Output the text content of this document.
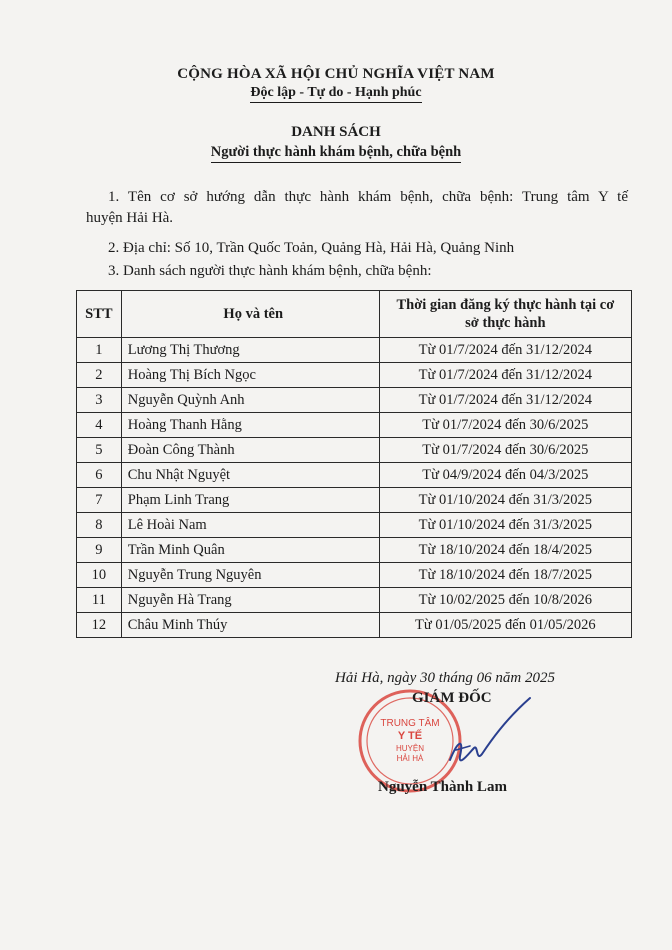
CỘNG HÒA XÃ HỘI CHỦ NGHĨA VIỆT NAM
Độc lập - Tự do - Hạnh phúc
DANH SÁCH
Người thực hành khám bệnh, chữa bệnh
1. Tên cơ sở hướng dẫn thực hành khám bệnh, chữa bệnh: Trung tâm Y tế
huyện Hải Hà.
2. Địa chỉ: Số 10, Trần Quốc Toản, Quảng Hà, Hải Hà, Quảng Ninh
3. Danh sách người thực hành khám bệnh, chữa bệnh:
STT	Họ và tên	Thời gian đăng ký thực hành tại cơ
sở thực hành

1	Lương Thị Thương	Từ 01/7/2024 đến 31/12/2024
2	Hoàng Thị Bích Ngọc	Từ 01/7/2024 đến 31/12/2024
3	Nguyễn Quỳnh Anh	Từ 01/7/2024 đến 31/12/2024
4	Hoàng Thanh Hằng	Từ 01/7/2024 đến 30/6/2025
5	Đoàn Công Thành	Từ 01/7/2024 đến 30/6/2025
6	Chu Nhật Nguyệt	Từ 04/9/2024 đến 04/3/2025
7	Phạm Linh Trang	Từ 01/10/2024 đến 31/3/2025
8	Lê Hoài Nam	Từ 01/10/2024 đến 31/3/2025
9	Trần Minh Quân	Từ 18/10/2024 đến 18/4/2025
10	Nguyễn Trung Nguyên	Từ 18/10/2024 đến 18/7/2025
11	Nguyễn Hà Trang	Từ 10/02/2025 đến 10/8/2026
12	Châu Minh Thúy	Từ 01/05/2025 đến 01/05/2026
Hải Hà, ngày 30 tháng 06 năm 2025
TRUNG TÂM
Y TẾ
HUYỆN
HẢI HÀ
GIÁM ĐỐC
Nguyễn Thành Lam
